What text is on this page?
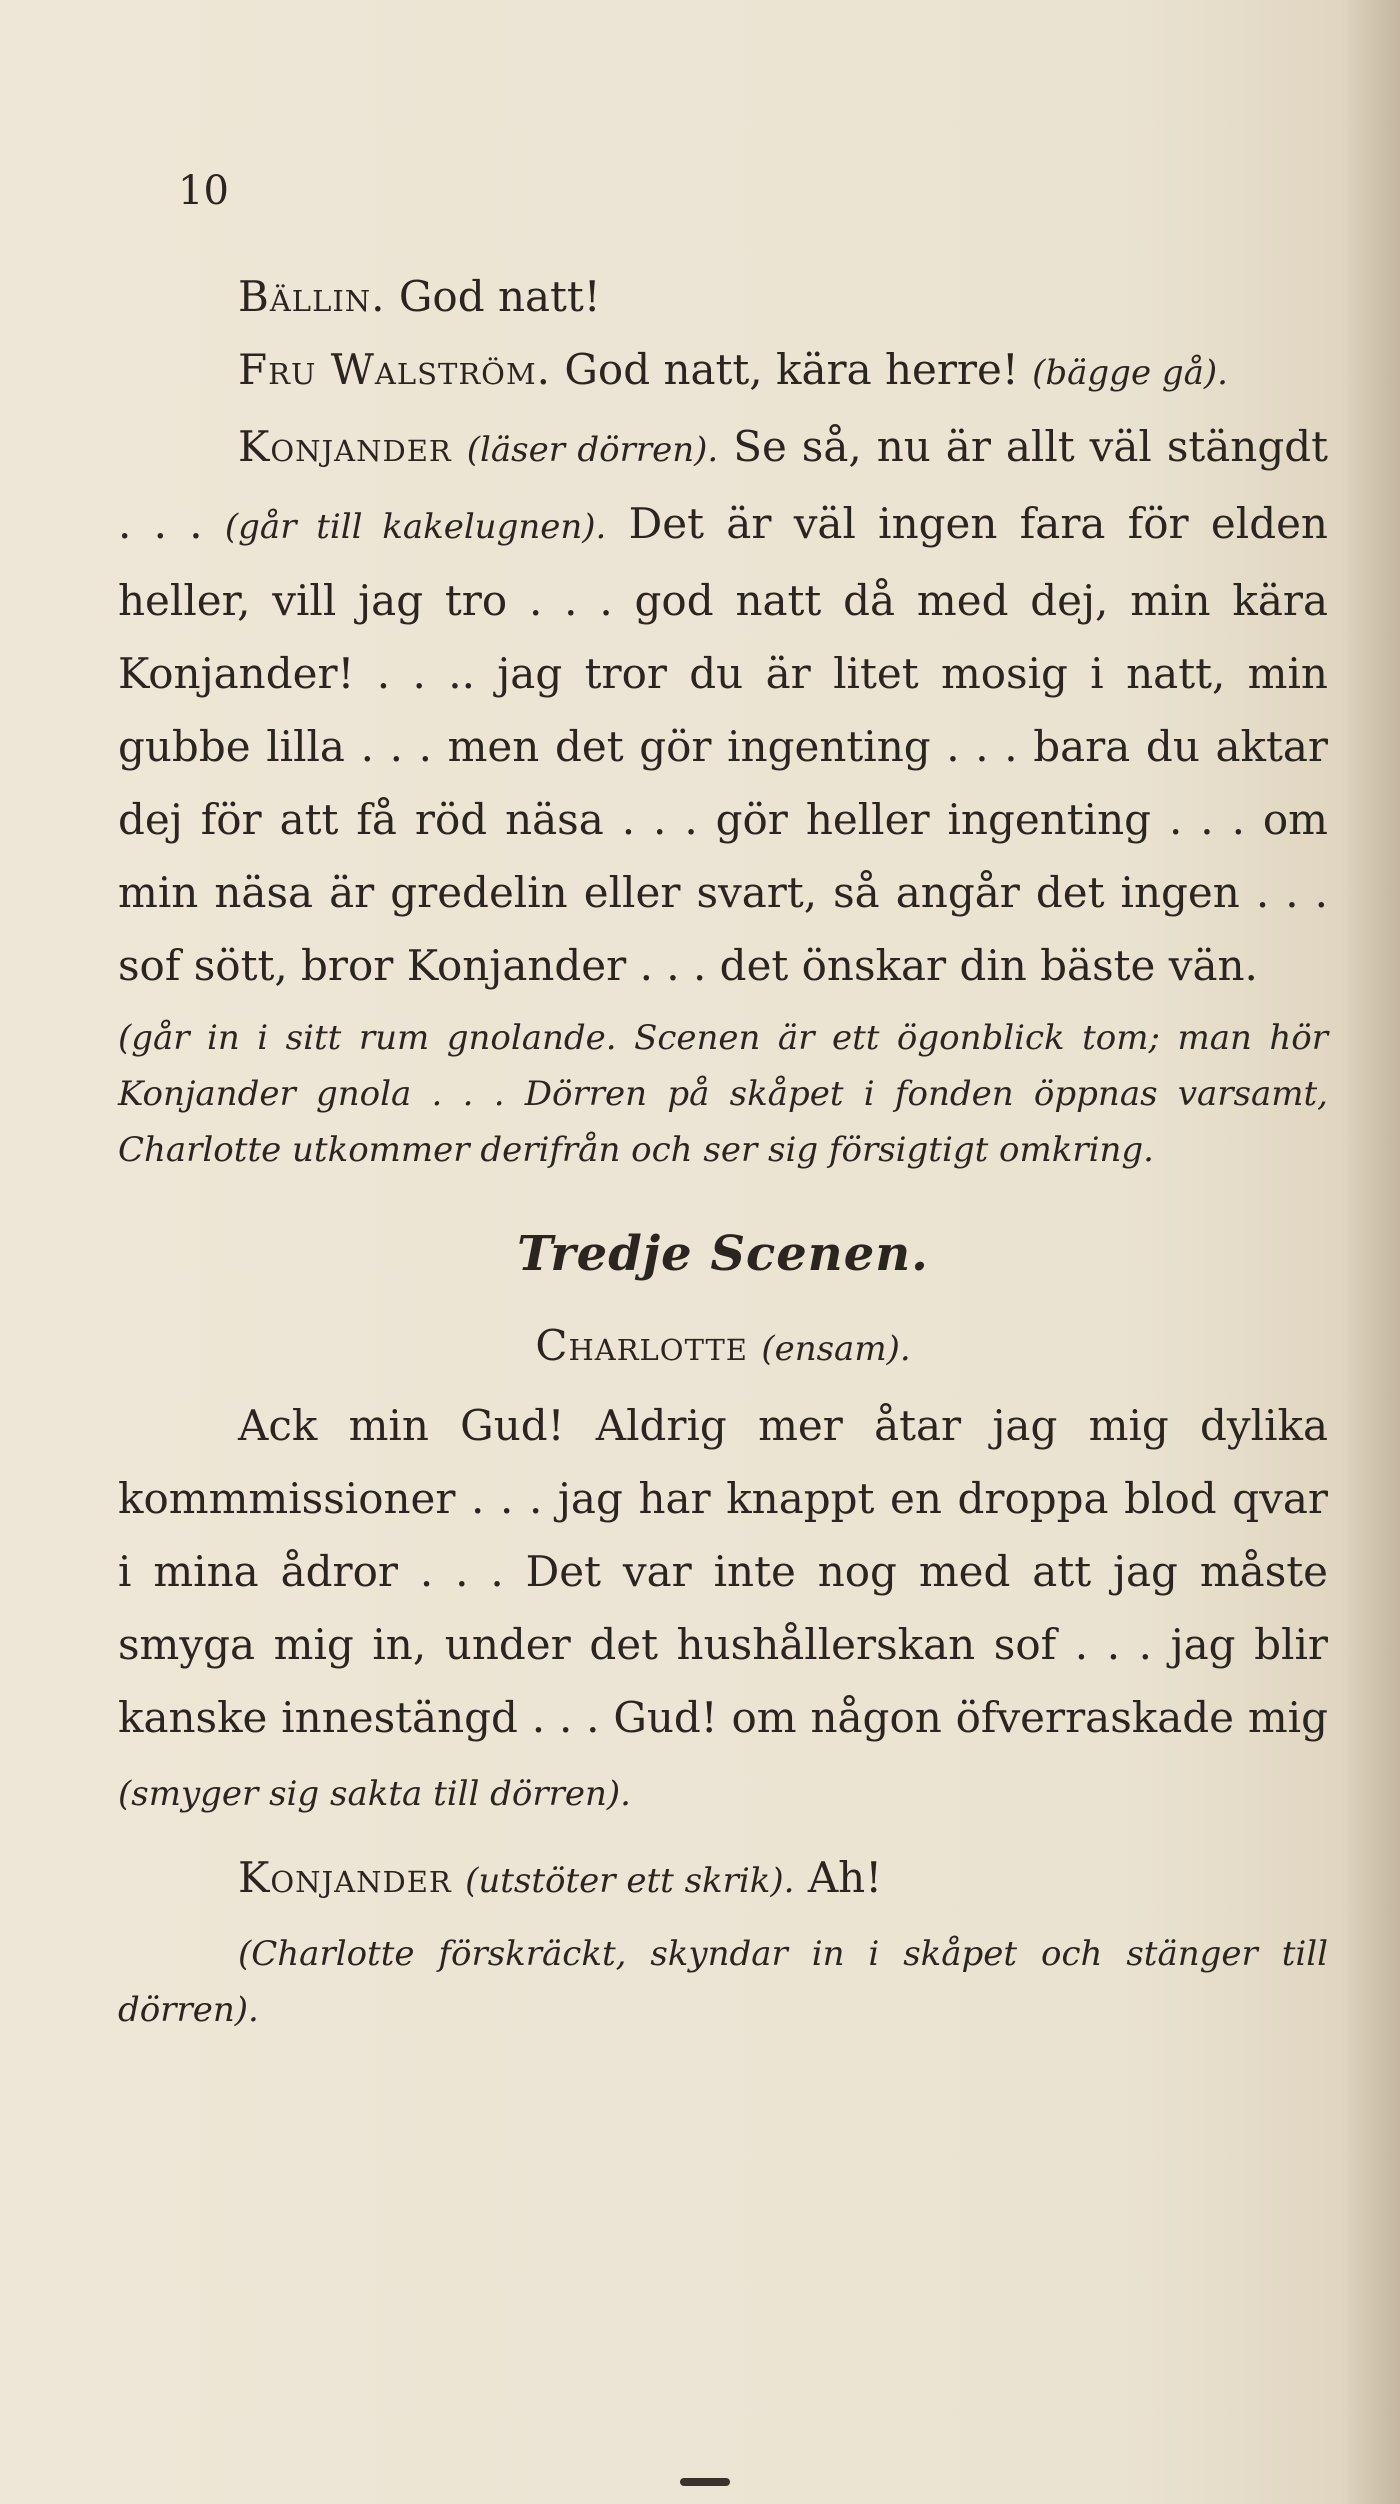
10

Bällin. God natt!

Fru Walström. God natt, kära herre! (bägge gå).

Konjander (läser dörren). Se så, nu är allt väl stängdt . . . (går till kakelugnen). Det är väl ingen fara för elden heller, vill jag tro . . . god natt då med dej, min kära Konjander! . . .. jag tror du är litet mosig i natt, min gubbe lilla . . . men det gör ingenting . . . bara du aktar dej för att få röd näsa . . . gör heller ingenting . . . om min näsa är gredelin eller svart, så angår det ingen . . . sof sött, bror Konjander . . . det önskar din bäste vän.

(går in i sitt rum gnolande. Scenen är ett ögonblick tom; man hör Konjander gnola . . . Dörren på skåpet i fonden öppnas varsamt, Charlotte utkommer derifrån och ser sig försigtigt omkring.

Tredje Scenen.

Charlotte (ensam).

Ack min Gud! Aldrig mer åtar jag mig dylika kommmissioner . . . jag har knappt en droppa blod qvar i mina ådror . . . Det var inte nog med att jag måste smyga mig in, under det hushållerskan sof . . . jag blir kanske innestängd . . . Gud! om någon öfverraskade mig (smyger sig sakta till dörren).

Konjander (utstöter ett skrik). Ah!

(Charlotte förskräckt, skyndar in i skåpet och stänger till dörren).
